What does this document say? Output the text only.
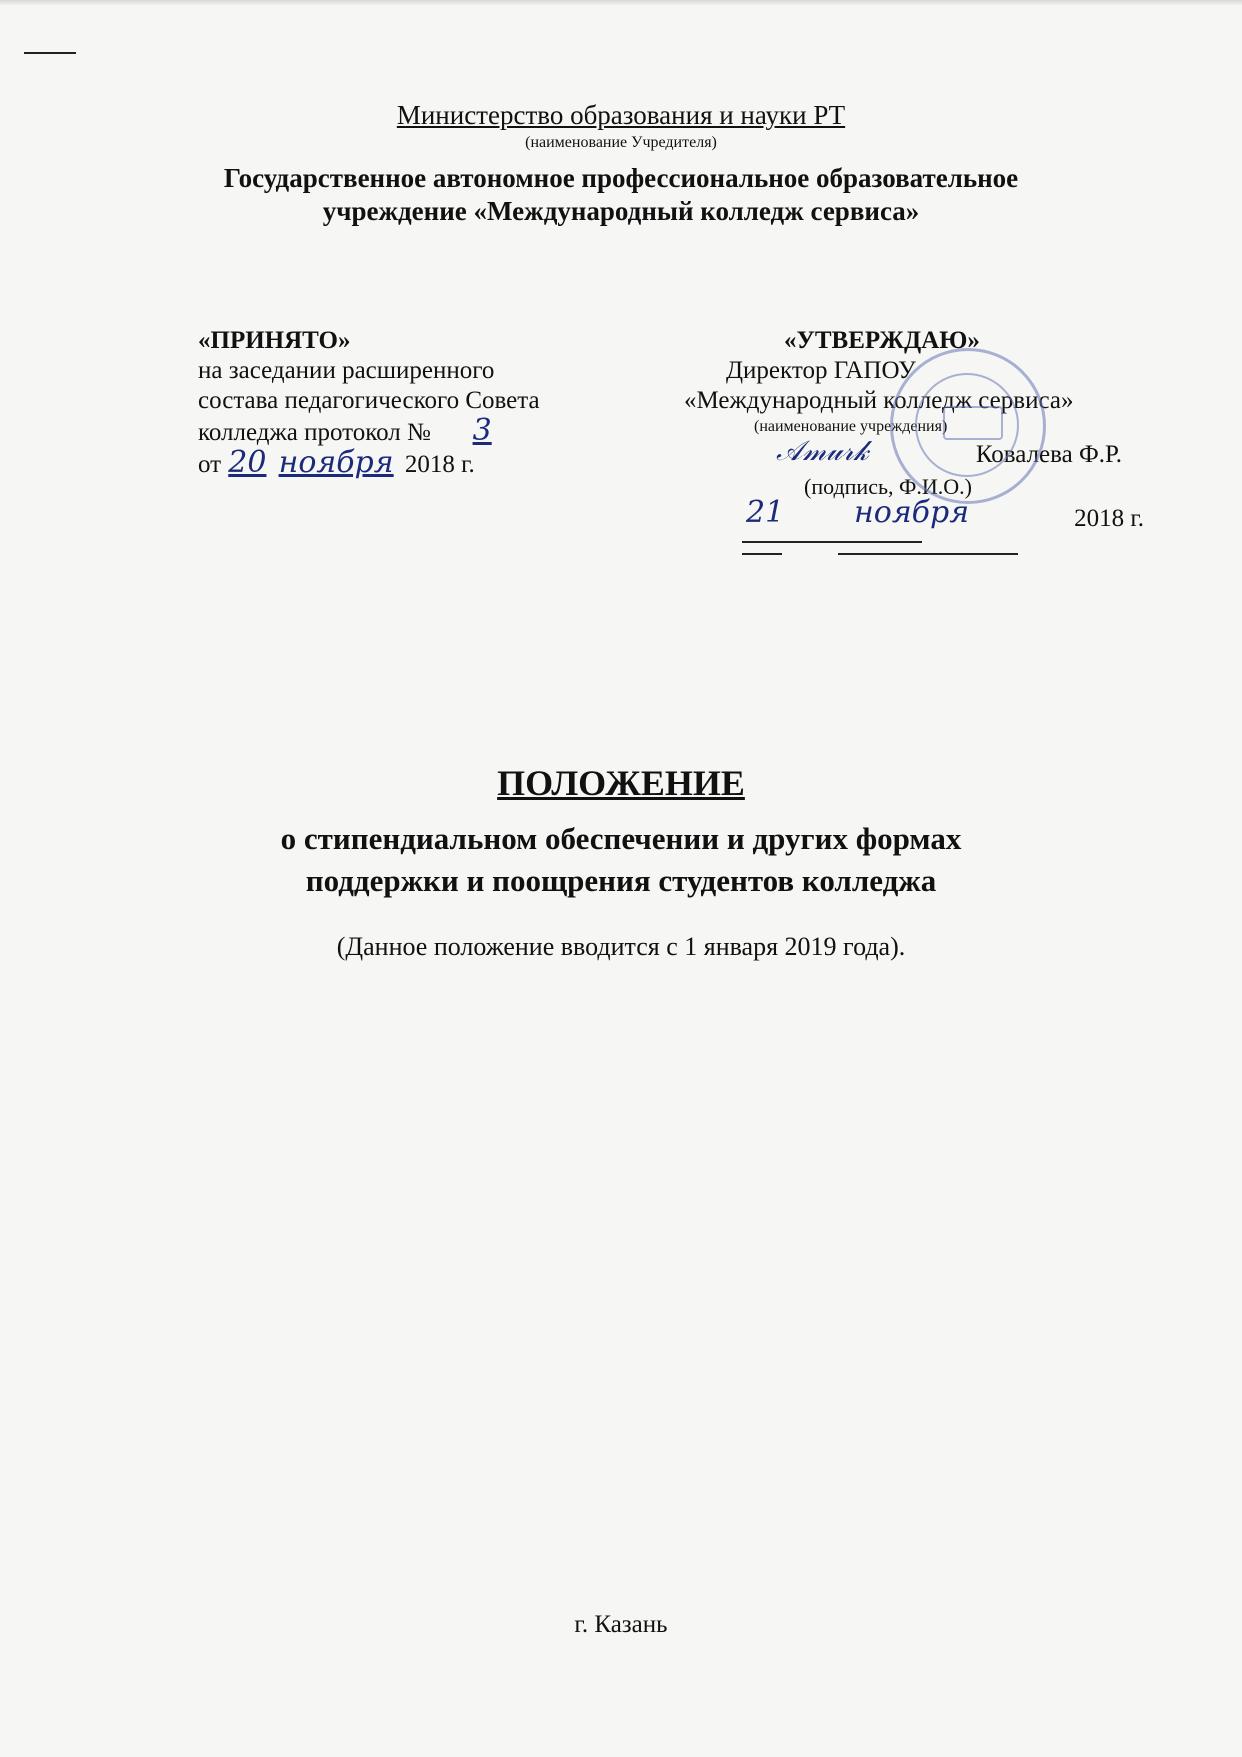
Министерство образования и науки РТ
(наименование Учредителя)
Государственное автономное профессиональное образовательное
учреждение «Международный колледж сервиса»
«ПРИНЯТО»
на заседании расширенного
состава педагогического Совета
колледжа протокол № 3
от 20 ноября 2018 г.
«УТВЕРЖДАЮ»
Директор ГАПОУ
«Международный колледж сервиса»
(наименование учреждения)
𝒜𝓂𝓊𝓇𝓀	Ковалева Ф.Р.
(подпись, Ф.И.О.)
21 ноября	2018 г.
ПОЛОЖЕНИЕ
о стипендиальном обеспечении и других формах
поддержки и поощрения студентов колледжа
(Данное положение вводится с 1 января 2019 года).
г. Казань
